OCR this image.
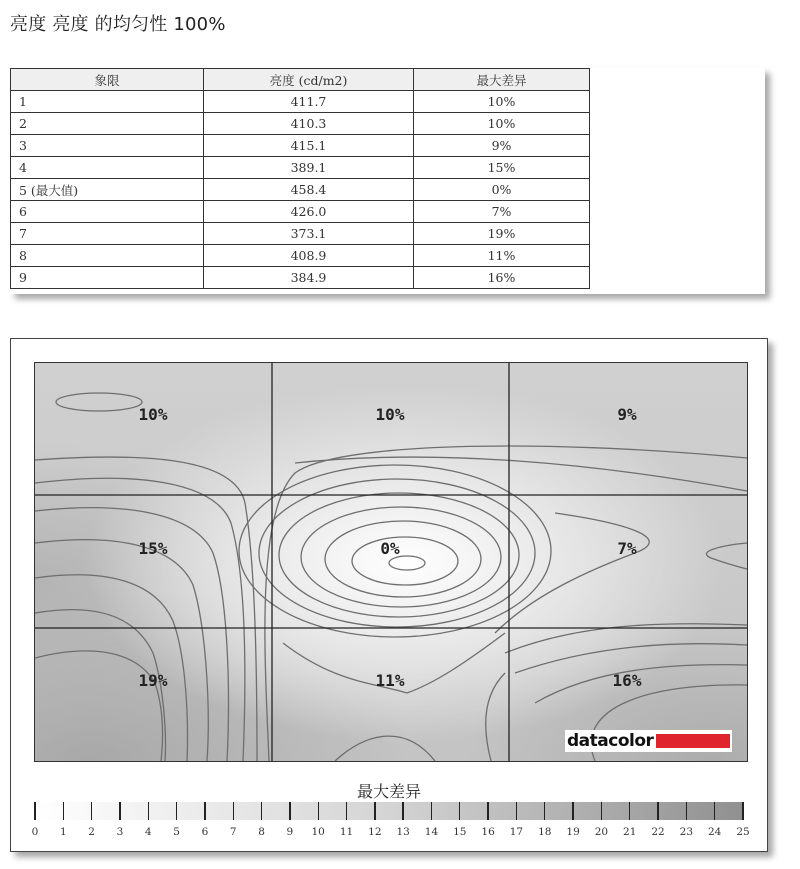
亮度 亮度 的均匀性 100%
象限	亮度 (cd/m2)	最大差异
1	411.7	10%
2	410.3	10%
3	415.1	9%
4	389.1	15%
5 (最大值)	458.4	0%
6	426.0	7%
7	373.1	19%
8	408.9	11%
9	384.9	16%
10%	10%	9%
15%	0%	7%
19%	11%	16%
datacolor
最大差异
0	1	2	3	4	5	6	7	8	9	10	11	12	13	14	15	16	17	18	19	20	21	22	23	24	25
